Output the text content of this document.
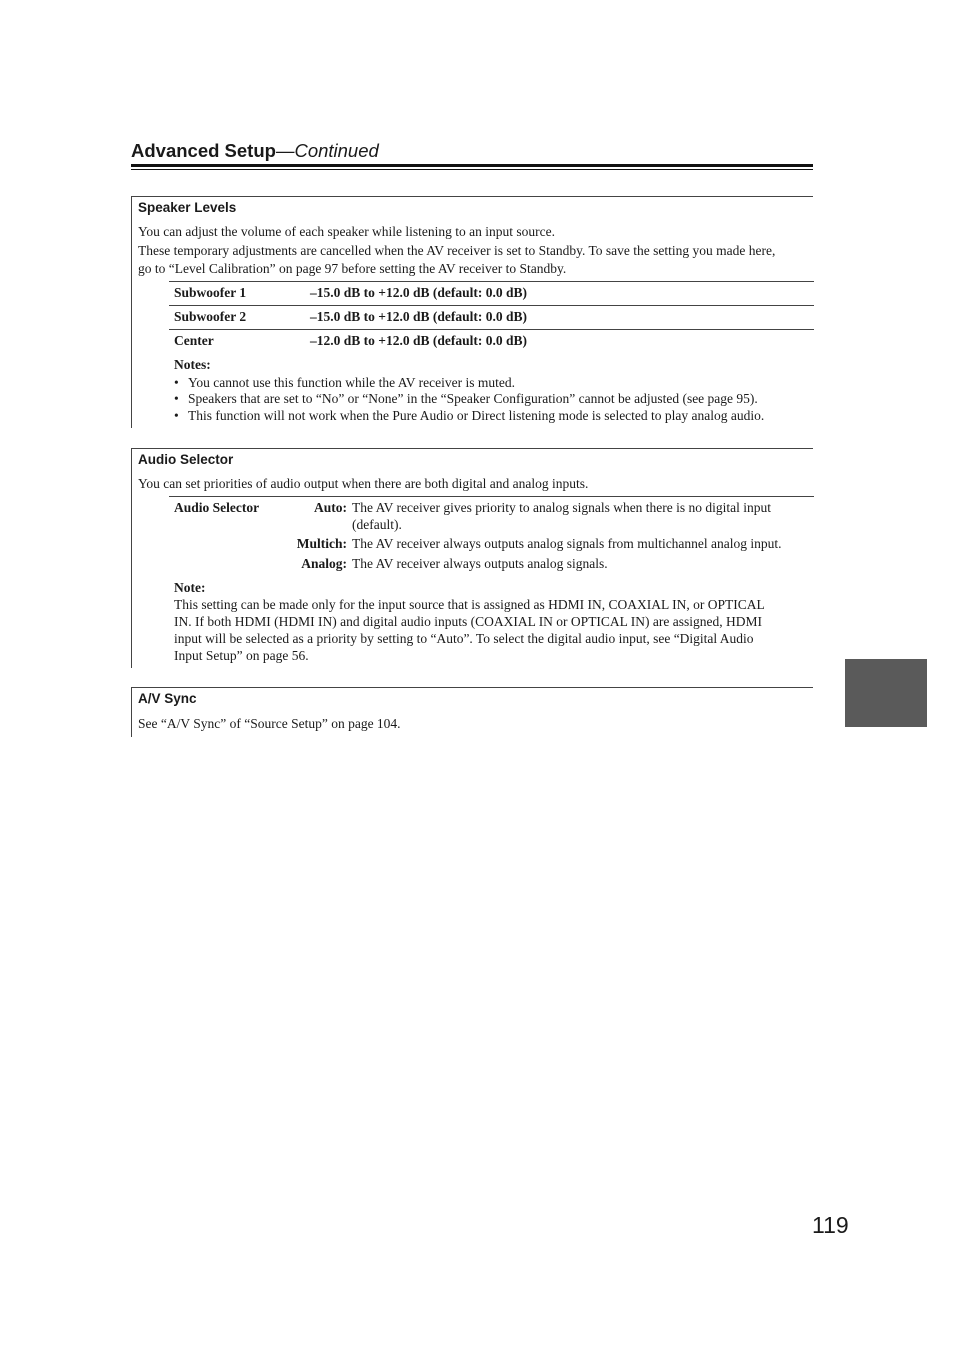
Advanced Setup—Continued
Speaker Levels
You can adjust the volume of each speaker while listening to an input source.
These temporary adjustments are cancelled when the AV receiver is set to Standby. To save the setting you made here,
go to “Level Calibration” on page 97 before setting the AV receiver to Standby.
Subwoofer 1	–15.0 dB to +12.0 dB (default: 0.0 dB)
Subwoofer 2	–15.0 dB to +12.0 dB (default: 0.0 dB)
Center	–12.0 dB to +12.0 dB (default: 0.0 dB)
Notes:
• You cannot use this function while the AV receiver is muted.
• Speakers that are set to “No” or “None” in the “Speaker Configuration” cannot be adjusted (see page 95).
• This function will not work when the Pure Audio or Direct listening mode is selected to play analog audio.
Audio Selector
You can set priorities of audio output when there are both digital and analog inputs.
Audio Selector	Auto: The AV receiver gives priority to analog signals when there is no digital input
(default).
Multich: The AV receiver always outputs analog signals from multichannel analog input.
Analog: The AV receiver always outputs analog signals.
Note:
This setting can be made only for the input source that is assigned as HDMI IN, COAXIAL IN, or OPTICAL
IN. If both HDMI (HDMI IN) and digital audio inputs (COAXIAL IN or OPTICAL IN) are assigned, HDMI
input will be selected as a priority by setting to “Auto”. To select the digital audio input, see “Digital Audio
Input Setup” on page 56.
A/V Sync
See “A/V Sync” of “Source Setup” on page 104.
119
